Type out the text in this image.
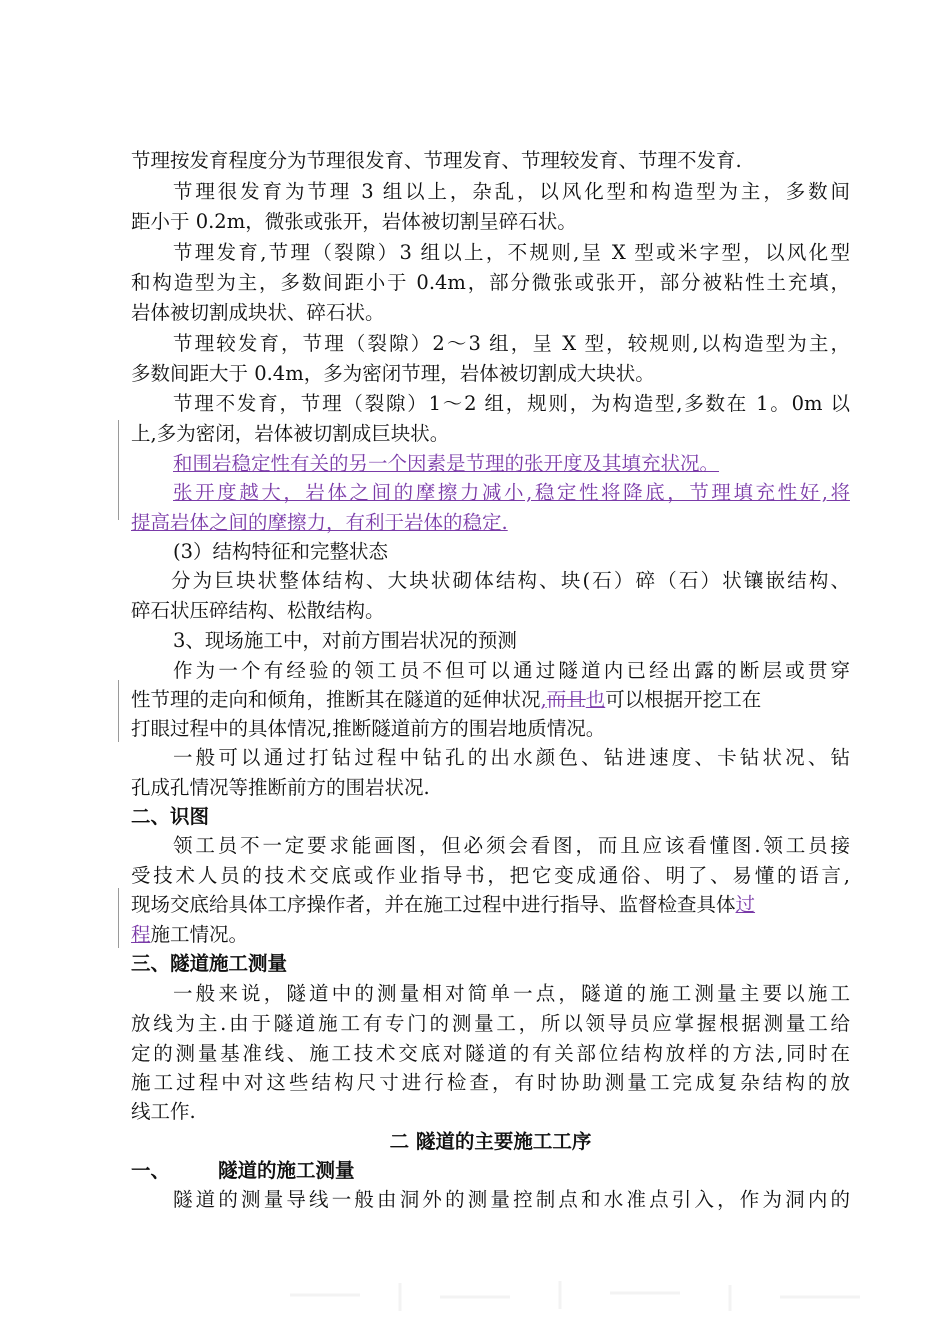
节理按发育程度分为节理很发育、节理发育、节理较发育、节理不发育.
节理很发育为节理 3 组以上，杂乱，以风化型和构造型为主，多数间
距小于 0.2m，微张或张开，岩体被切割呈碎石状。
节理发育,节理（裂隙）3 组以上，不规则,呈 X 型或米字型，以风化型
和构造型为主，多数间距小于 0.4m，部分微张或张开，部分被粘性土充填，
岩体被切割成块状、碎石状。
节理较发育，节理（裂隙）2～3 组，呈 X 型，较规则,以构造型为主，
多数间距大于 0.4m，多为密闭节理，岩体被切割成大块状。
节理不发育，节理（裂隙）1～2 组，规则，为构造型,多数在 1。0m 以
上,多为密闭，岩体被切割成巨块状。
和围岩稳定性有关的另一个因素是节理的张开度及其填充状况。
张开度越大，岩体之间的摩擦力减小,稳定性将降底，节理填充性好,将
提高岩体之间的摩擦力，有利于岩体的稳定.
(3）结构特征和完整状态
分为巨块状整体结构、大块状砌体结构、块(石）碎（石）状镶嵌结构、
碎石状压碎结构、松散结构。
3、现场施工中，对前方围岩状况的预测
作为一个有经验的领工员不但可以通过隧道内已经出露的断层或贯穿
性节理的走向和倾角，推断其在隧道的延伸状况,而且也可以根据开挖工在
打眼过程中的具体情况,推断隧道前方的围岩地质情况。
一般可以通过打钻过程中钻孔的出水颜色、钻进速度、卡钻状况、钻
孔成孔情况等推断前方的围岩状况.
二、识图
领工员不一定要求能画图，但必须会看图，而且应该看懂图.领工员接
受技术人员的技术交底或作业指导书，把它变成通俗、明了、易懂的语言,
现场交底给具体工序操作者，并在施工过程中进行指导、监督检查具体过
程施工情况。
三、隧道施工测量
一般来说，隧道中的测量相对简单一点，隧道的施工测量主要以施工
放线为主.由于隧道施工有专门的测量工，所以领导员应掌握根据测量工给
定的测量基准线、施工技术交底对隧道的有关部位结构放样的方法,同时在
施工过程中对这些结构尺寸进行检查，有时协助测量工完成复杂结构的放
线工作.
二 隧道的主要施工工序
一、 隧道的施工测量
隧道的测量导线一般由洞外的测量控制点和水准点引入，作为洞内的
